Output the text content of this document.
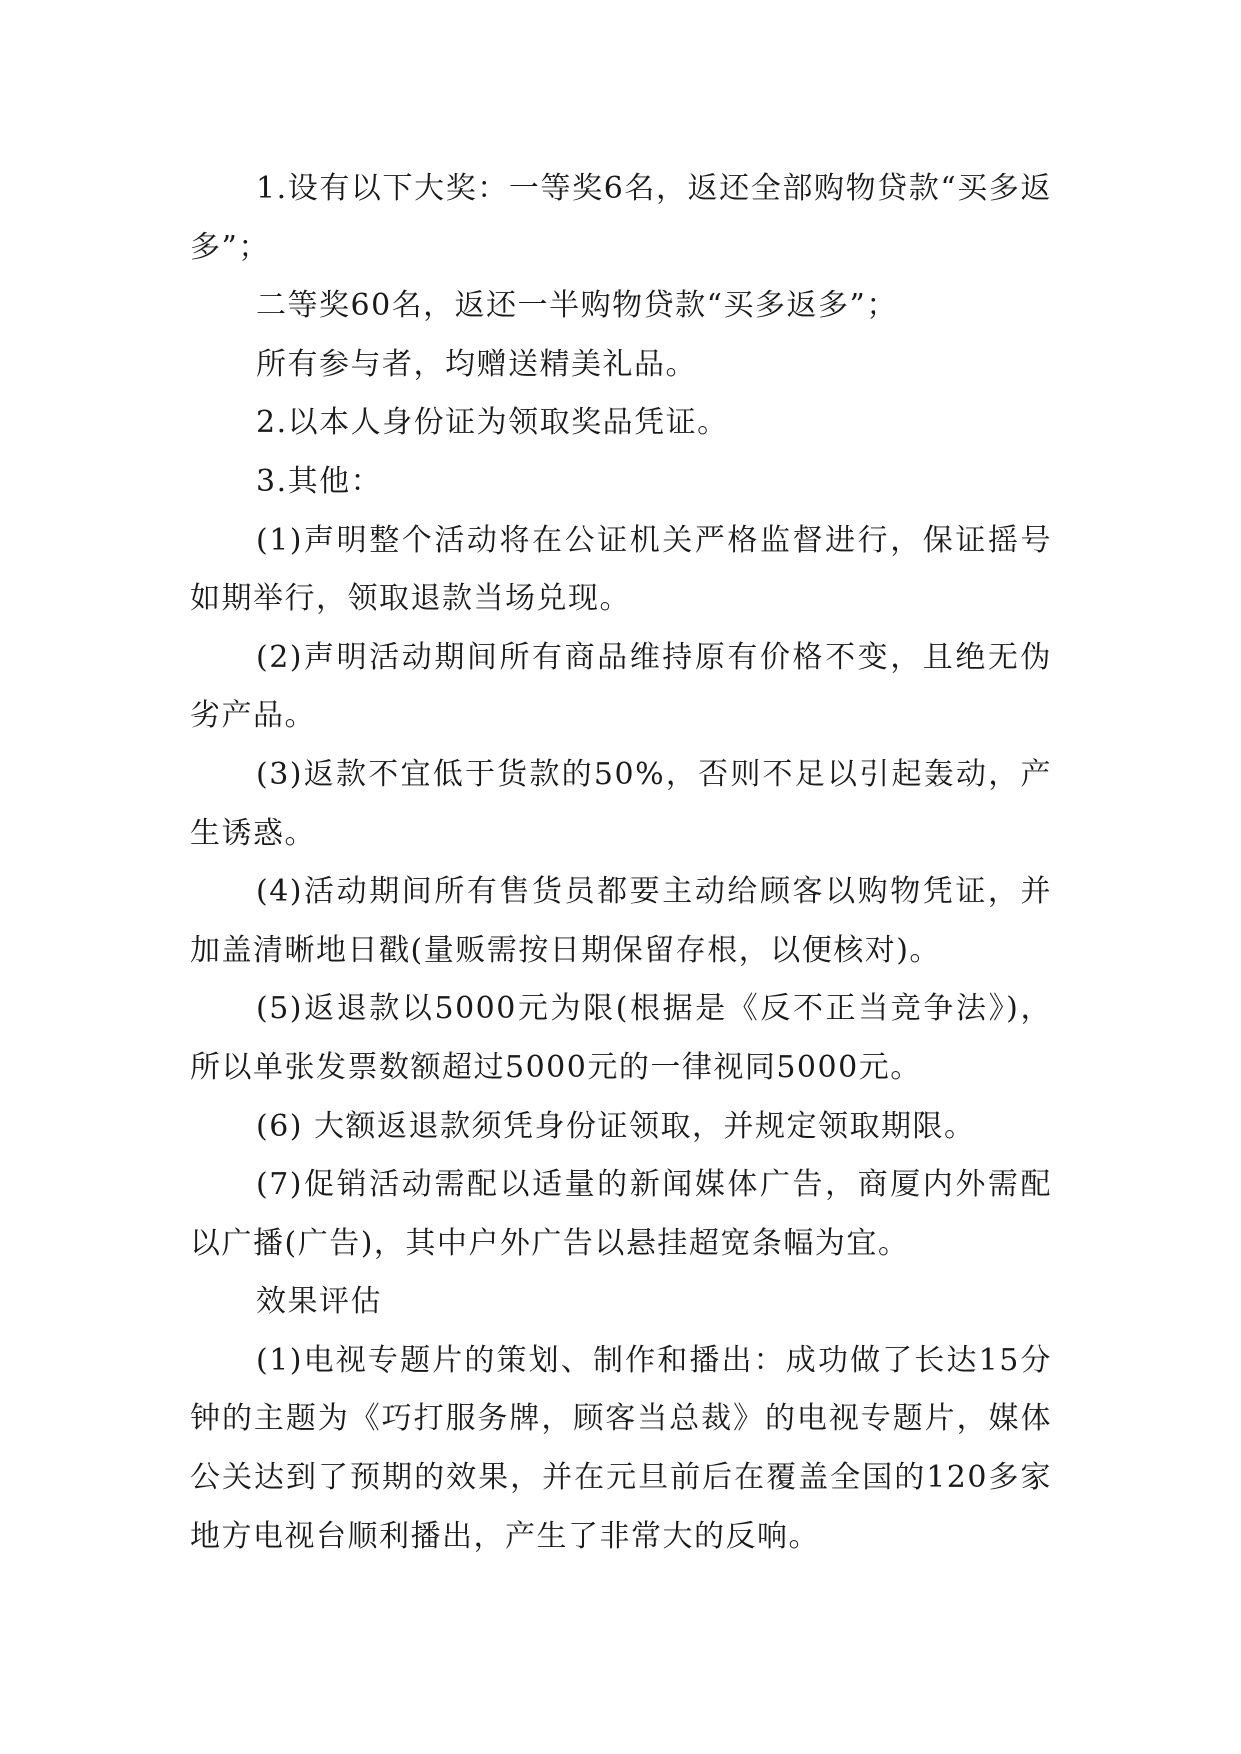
1.设有以下大奖：一等奖6名，返还全部购物贷款“买多返多”；

二等奖60名，返还一半购物贷款“买多返多”；

所有参与者，均赠送精美礼品。

2.以本人身份证为领取奖品凭证。

3.其他：

(1)声明整个活动将在公证机关严格监督进行，保证摇号如期举行，领取退款当场兑现。

(2)声明活动期间所有商品维持原有价格不变，且绝无伪劣产品。

(3)返款不宜低于货款的50%，否则不足以引起轰动，产生诱惑。

(4)活动期间所有售货员都要主动给顾客以购物凭证，并加盖清晰地日戳(量贩需按日期保留存根，以便核对)。

(5)返退款以5000元为限(根据是《反不正当竞争法》)，所以单张发票数额超过5000元的一律视同5000元。

(6) 大额返退款须凭身份证领取，并规定领取期限。

(7)促销活动需配以适量的新闻媒体广告，商厦内外需配以广播(广告)，其中户外广告以悬挂超宽条幅为宜。

效果评估

(1)电视专题片的策划、制作和播出：成功做了长达15分钟的主题为《巧打服务牌，顾客当总裁》的电视专题片，媒体公关达到了预期的效果，并在元旦前后在覆盖全国的120多家地方电视台顺利播出，产生了非常大的反响。
